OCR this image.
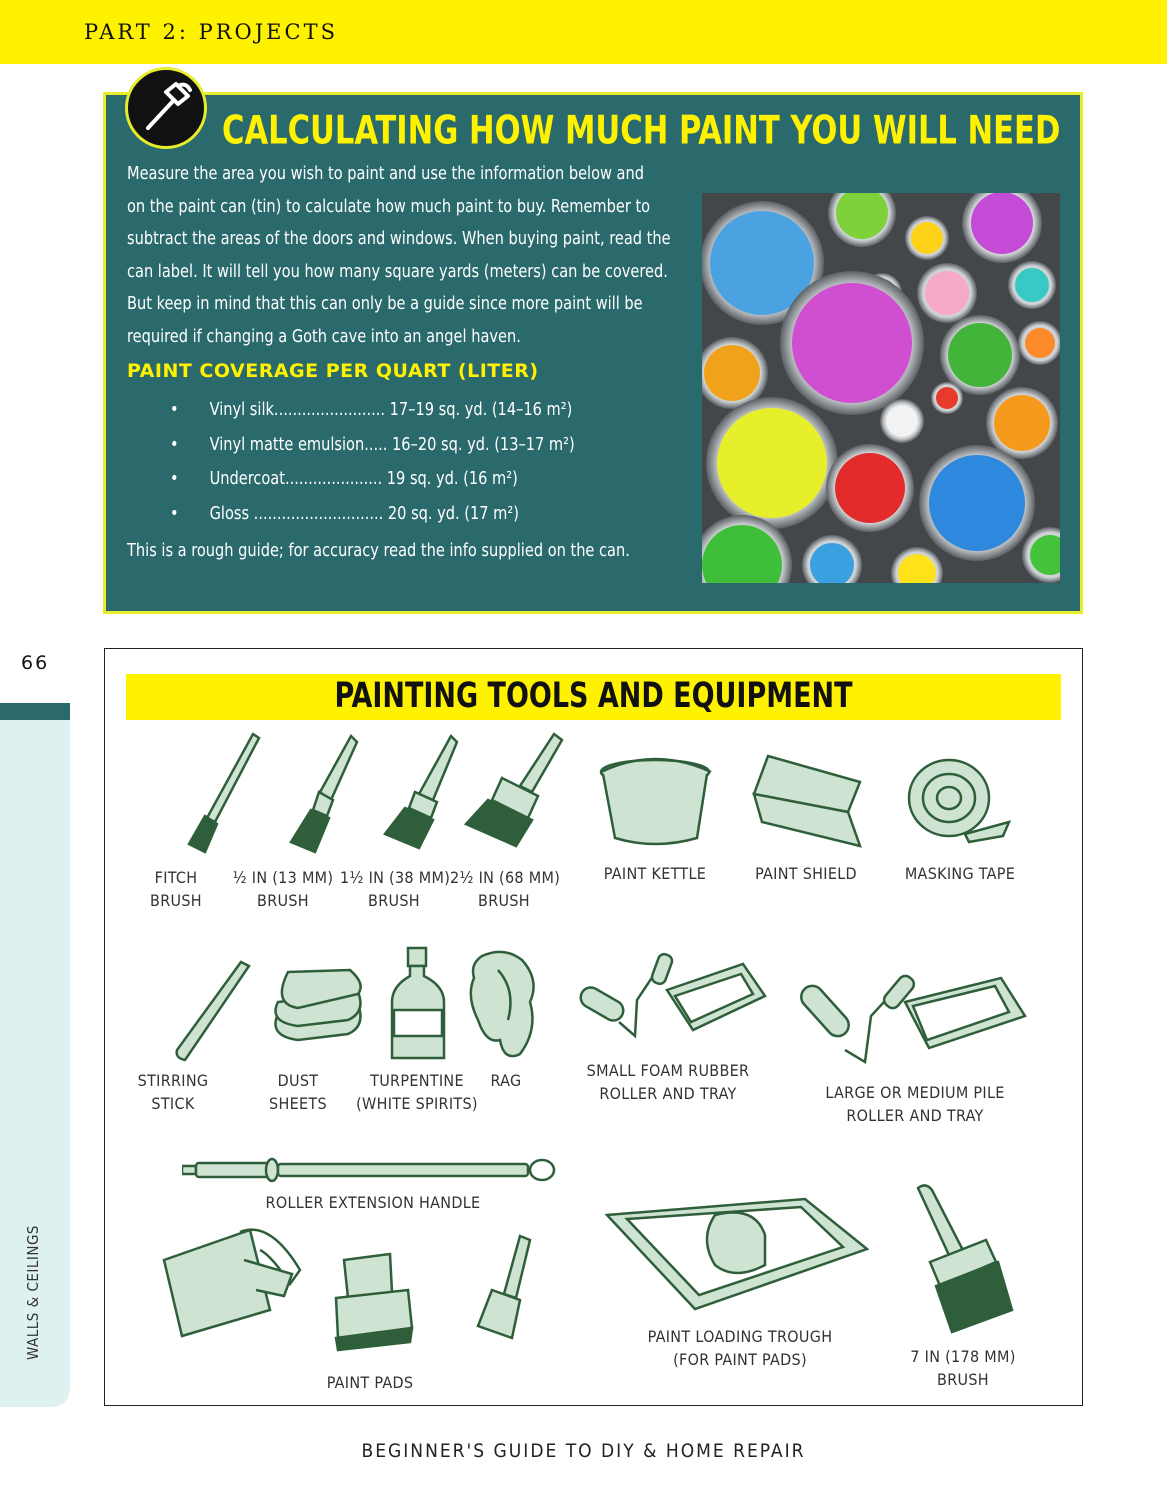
PART 2: PROJECTS
CALCULATING HOW MUCH PAINT YOU WILL NEED
Measure the area you wish to paint and use the information below and
on the paint can (tin) to calculate how much paint to buy. Remember to
subtract the areas of the doors and windows. When buying paint, read the
can label. It will tell you how many square yards (meters) can be covered.
But keep in mind that this can only be a guide since more paint will be
required if changing a Goth cave into an angel haven.
PAINT COVERAGE PER QUART (LITER)
• Vinyl silk........................ 17–19 sq. yd. (14–16 m²)
• Vinyl matte emulsion..... 16–20 sq. yd. (13–17 m²)
• Undercoat..................... 19 sq. yd. (16 m²)
• Gloss ............................ 20 sq. yd. (17 m²)
This is a rough guide; for accuracy read the info supplied on the can.
66
WALLS & CEILINGS
PAINTING TOOLS AND EQUIPMENT
FITCH
BRUSH
½ IN (13 MM)
BRUSH
1½ IN (38 MM)
BRUSH
2½ IN (68 MM)
BRUSH
PAINT KETTLE	PAINT SHIELD	MASKING TAPE
STIRRING
STICK
DUST
SHEETS
TURPENTINE
(WHITE SPIRITS)
RAG
SMALL FOAM RUBBER
ROLLER AND TRAY	LARGE OR MEDIUM PILE
ROLLER AND TRAY
ROLLER EXTENSION HANDLE
PAINT PADS
PAINT LOADING TROUGH
(FOR PAINT PADS)	7 IN (178 MM)
BRUSH
BEGINNER'S GUIDE TO DIY & HOME REPAIR
